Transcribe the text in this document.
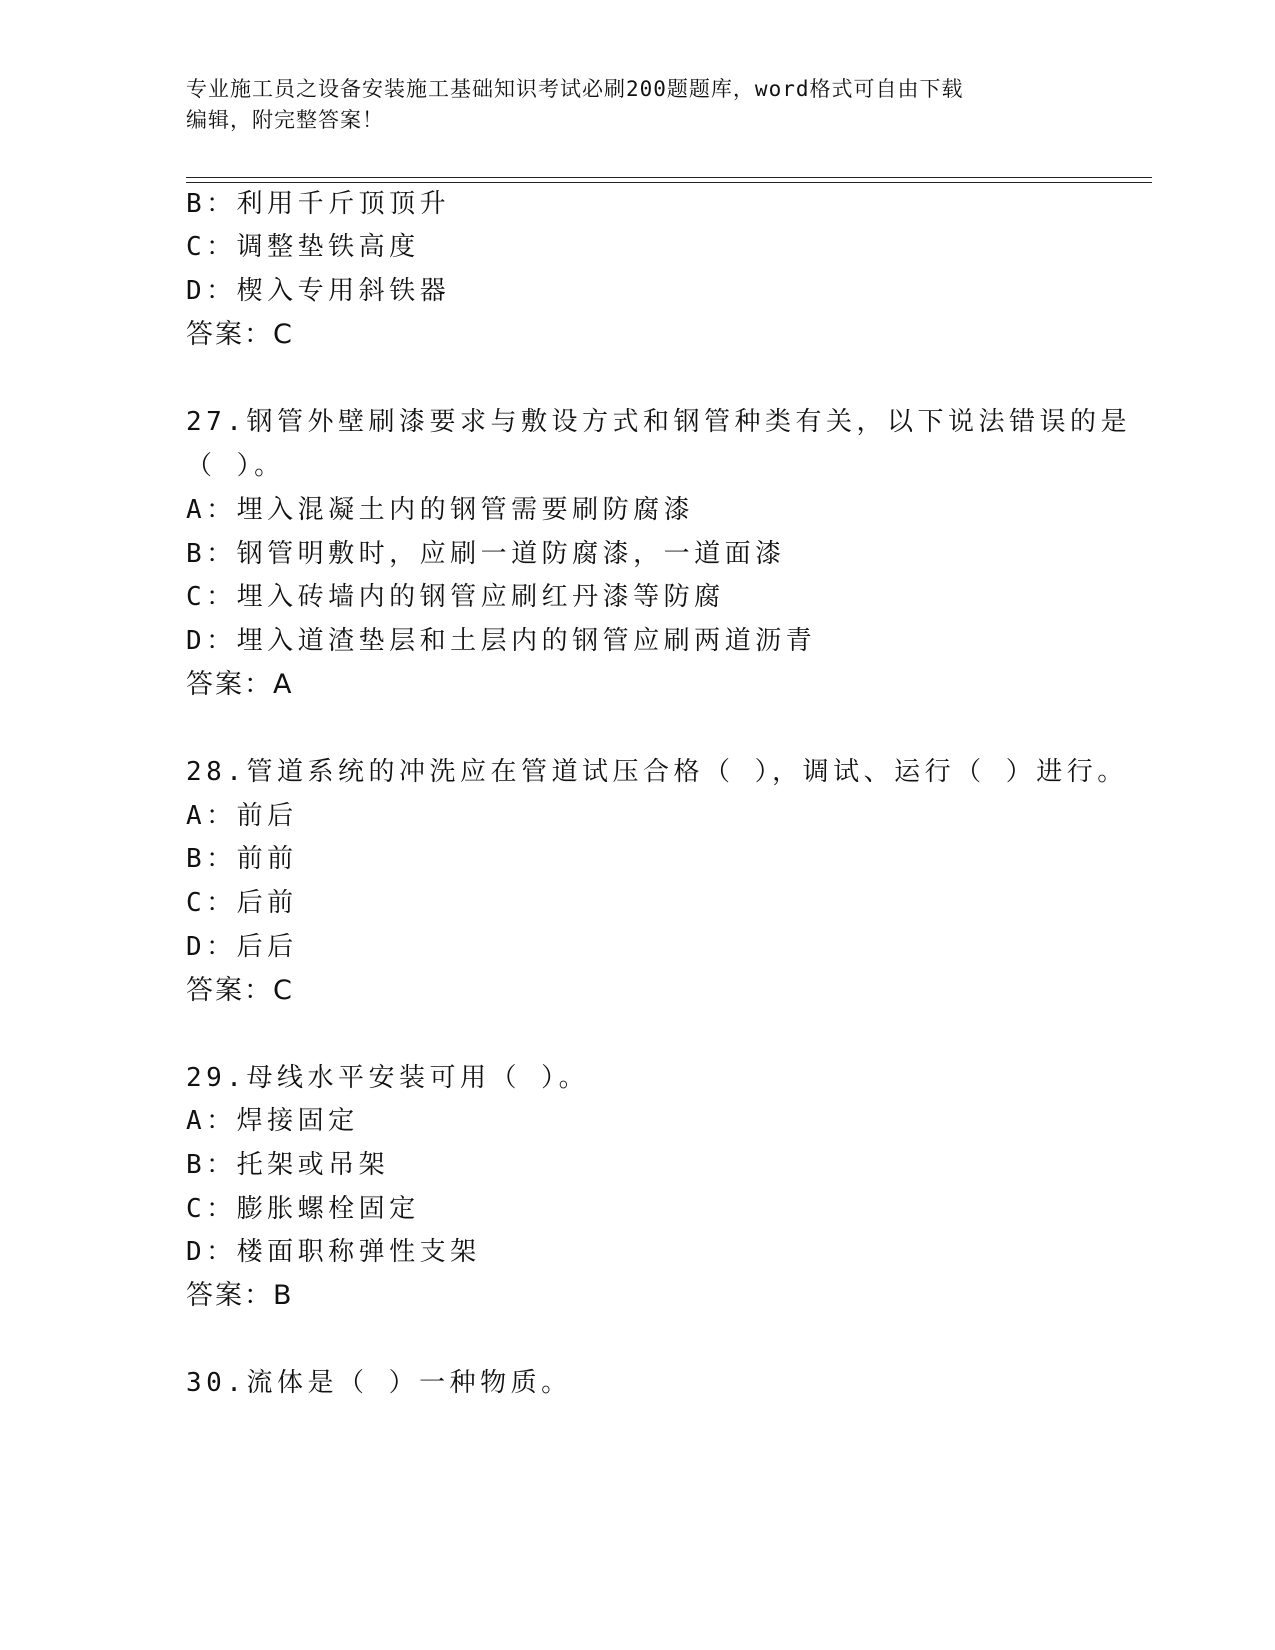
专业施工员之设备安装施工基础知识考试必刷200题题库，word格式可自由下载
编辑，附完整答案！
B：利用千斤顶顶升
C：调整垫铁高度
D：楔入专用斜铁器
答案：C
27.钢管外壁刷漆要求与敷设方式和钢管种类有关，以下说法错误的是
（ ）。
A：埋入混凝土内的钢管需要刷防腐漆
B：钢管明敷时，应刷一道防腐漆，一道面漆
C：埋入砖墙内的钢管应刷红丹漆等防腐
D：埋入道渣垫层和土层内的钢管应刷两道沥青
答案：A
28.管道系统的冲洗应在管道试压合格（ ），调试、运行（ ）进行。
A：前后
B：前前
C：后前
D：后后
答案：C
29.母线水平安装可用（ ）。
A：焊接固定
B：托架或吊架
C：膨胀螺栓固定
D：楼面职称弹性支架
答案：B
30.流体是（ ）一种物质。
